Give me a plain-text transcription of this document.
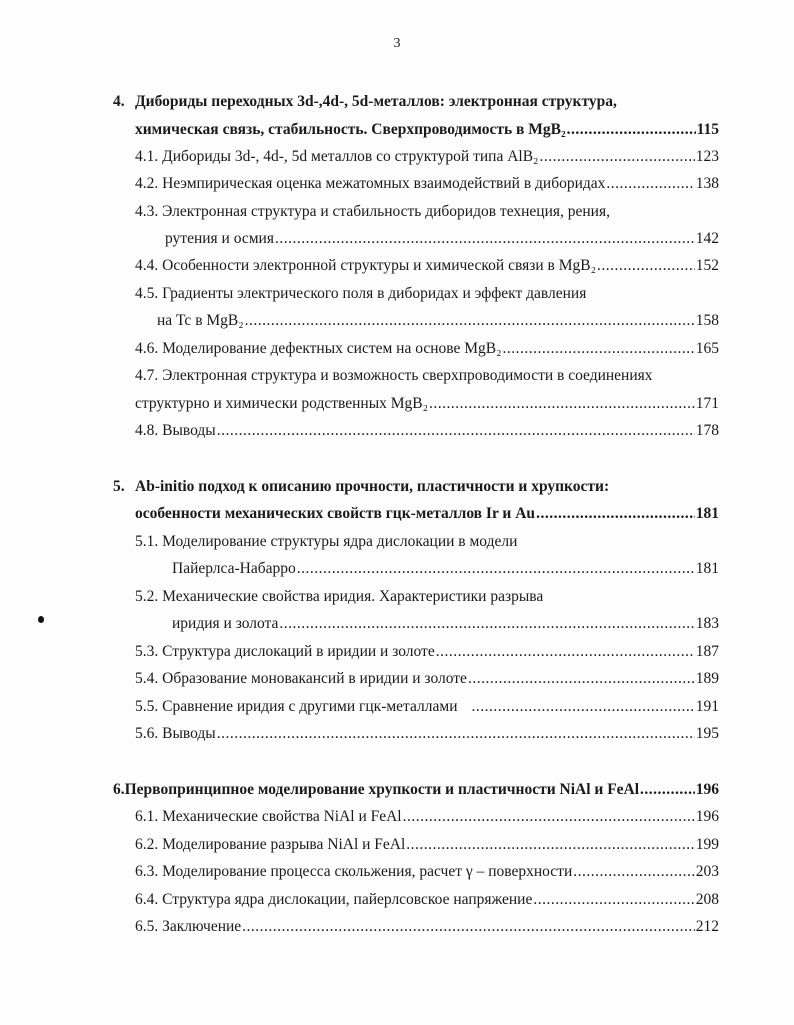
3
4. Дибориды переходных 3d-,4d-, 5d-металлов: электронная структура,
химическая связь, стабильность. Сверхпроводимость в MgB₂ .....	115
4.1. Дибориды 3d-, 4d-, 5d металлов со структурой типа AlB₂ .....	123
4.2. Неэмпирическая оценка межатомных взаимодействий в диборидах .....	138
4.3. Электронная структура и стабильность диборидов технеция, рения,
рутения и осмия .....	142
4.4. Особенности электронной структуры и химической связи в MgB₂ .....	152
4.5. Градиенты электрического поля в диборидах и эффект давления
на Tc в MgB₂ .....	158
4.6. Моделирование дефектных систем на основе MgB₂ .....	165
4.7. Электронная структура и возможность сверхпроводимости в соединениях
структурно и химически родственных MgB₂ .....	171
4.8. Выводы .....	178
5. Ab-initio подход к описанию прочности, пластичности и хрупкости:
особенности механических свойств гцк-металлов Ir и Au .....	181
5.1. Моделирование структуры ядра дислокации в модели
Пайерлса-Набарро .....	181
5.2. Механические свойства иридия. Характеристики разрыва
иридия и золота .....	183
5.3. Структура дислокаций в иридии и золоте .....	187
5.4. Образование моновакансий в иридии и золоте .....	189
5.5. Сравнение иридия с другими гцк-металлами .....	191
5.6. Выводы .....	195
6. Первопринципное моделирование хрупкости и пластичности NiAl и FeAl .....	196
6.1. Механические свойства NiAl и FeAl .....	196
6.2. Моделирование разрыва NiAl и FeAl .....	199
6.3. Моделирование процесса скольжения, расчет γ – поверхности .....	203
6.4. Структура ядра дислокации, пайерлсовское напряжение .....	208
6.5. Заключение .....	212
